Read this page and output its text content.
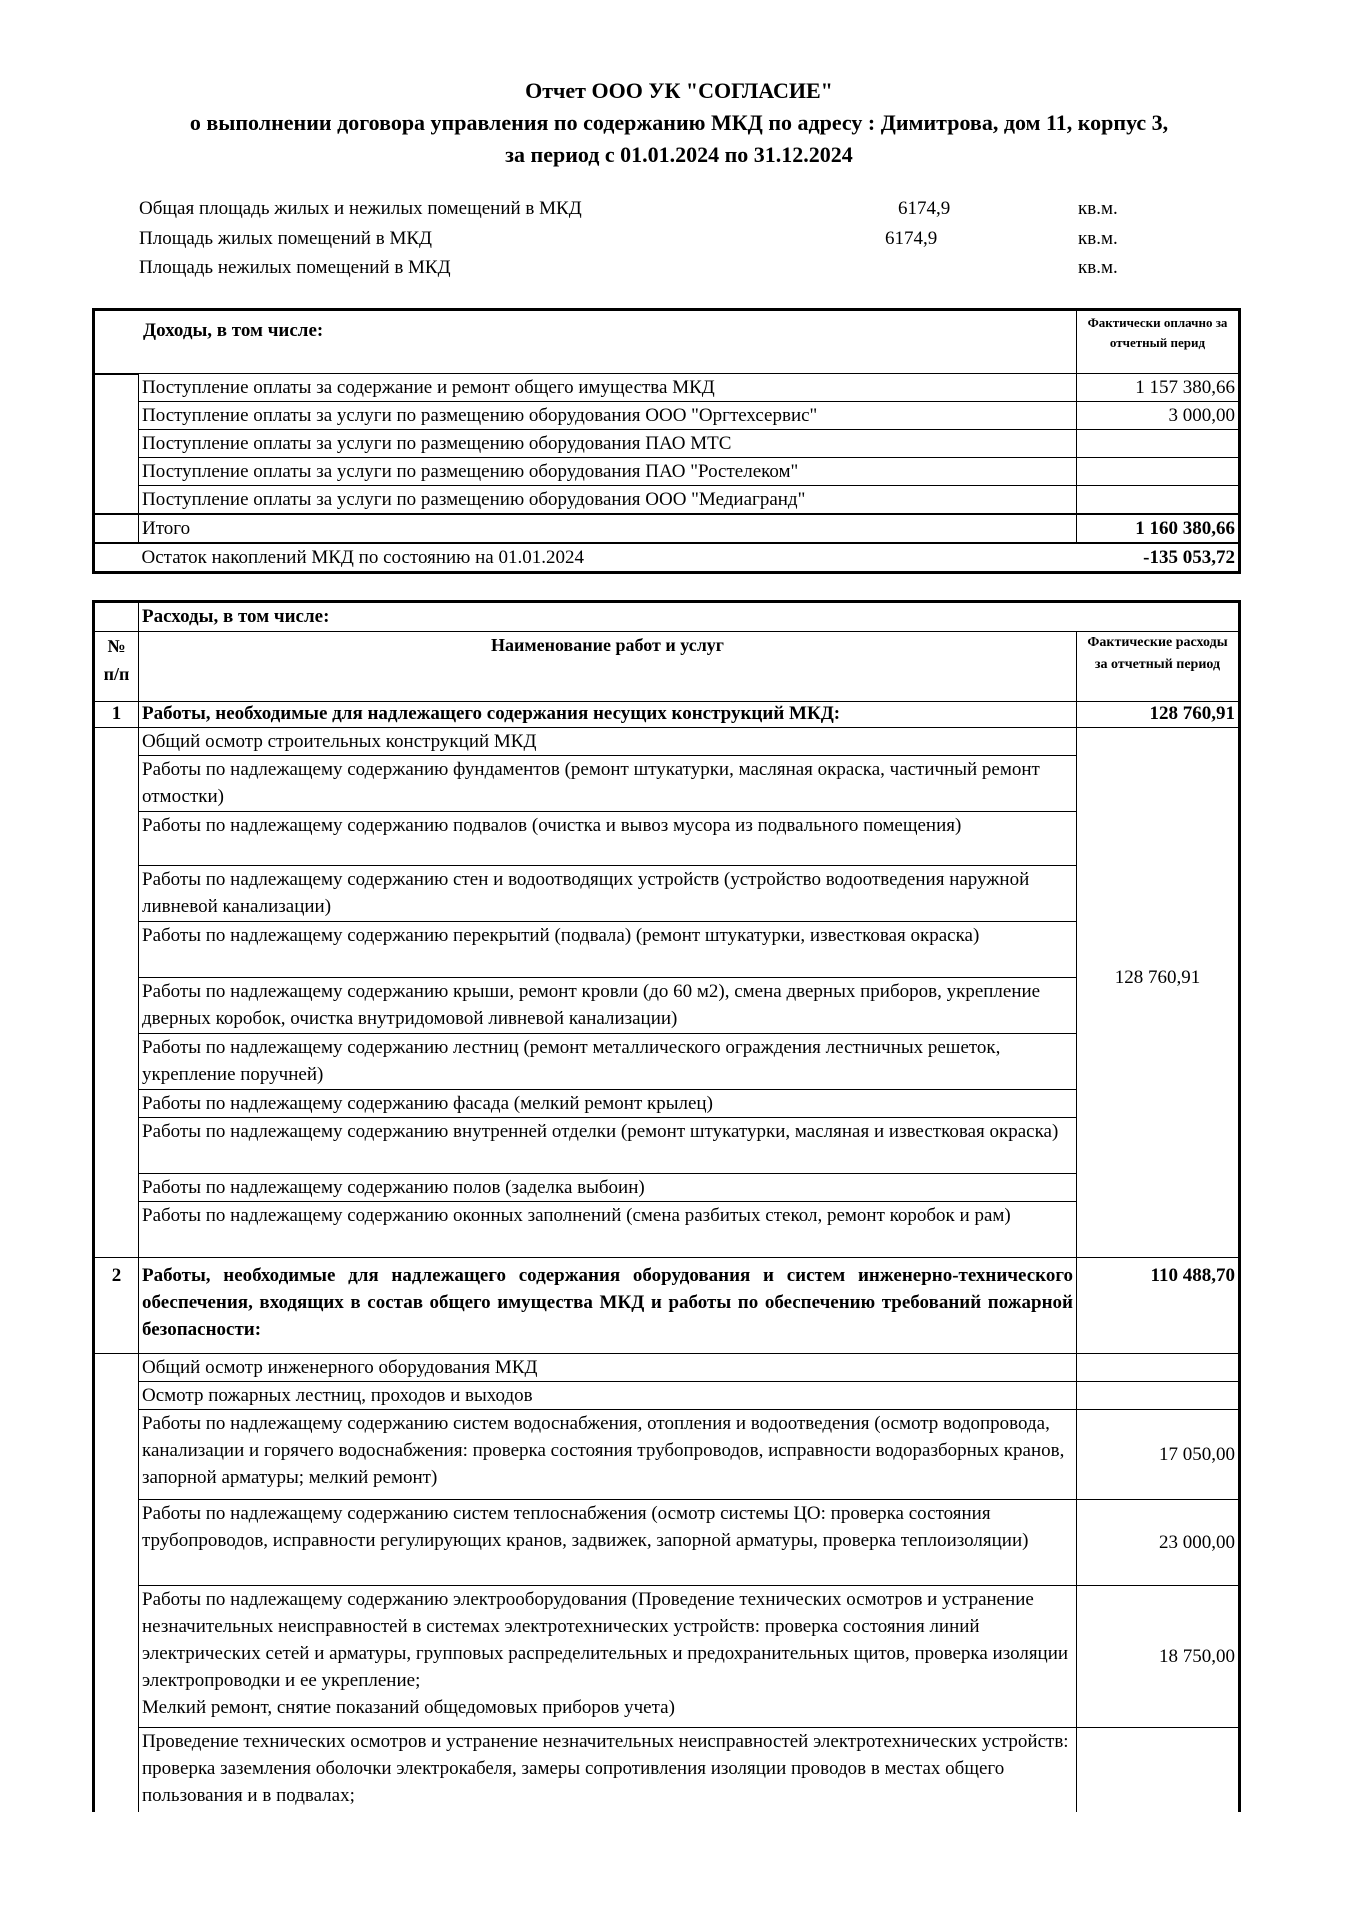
Отчет ООО УК "СОГЛАСИЕ"
о выполнении договора управления по содержанию МКД по адресу : Димитрова, дом 11, корпус 3,
за период с 01.01.2024 по 31.12.2024
Общая площадь жилых и нежилых помещений в МКД	6174,9	кв.м.
Площадь жилых помещений в МКД	6174,9	кв.м.
Площадь нежилых помещений в МКД	кв.м.
Доходы, в том числе:		Фактически оплачно за отчетный перид
	Поступление оплаты за содержание и ремонт общего имущества МКД	1 157 380,66
	Поступление оплаты за услуги по размещению оборудования ООО "Оргтехсервис"	3 000,00
	Поступление оплаты за услуги по размещению оборудования ПАО МТС	
	Поступление оплаты за услуги по размещению оборудования ПАО "Ростелеком"	
	Поступление оплаты за услуги по размещению оборудования ООО "Медиагранд"	
	Итого	1 160 380,66
	Остаток накоплений МКД по состоянию на 01.01.2024	-135 053,72
	Расходы, в том числе:	
№ п/п	Наименование работ и услуг	Фактические расходы за отчетный период
1	Работы, необходимые для надлежащего содержания несущих конструкций МКД:	128 760,91
	Общий осмотр строительных конструкций МКД	128 760,91
	Работы по надлежащему содержанию фундаментов (ремонт штукатурки, масляная окраска, частичный ремонт отмостки)	
	Работы по надлежащему содержанию подвалов (очистка и вывоз мусора из подвального помещения)	
	Работы по надлежащему содержанию стен и водоотводящих устройств (устройство водоотведения наружной ливневой канализации)	
	Работы по надлежащему содержанию перекрытий (подвала) (ремонт штукатурки, известковая окраска)	
	Работы по надлежащему содержанию крыши, ремонт кровли (до 60 м2), смена дверных приборов, укрепление дверных коробок, очистка внутридомовой ливневой канализации)	
	Работы по надлежащему содержанию лестниц (ремонт металлического ограждения лестничных решеток, укрепление поручней)	
	Работы по надлежащему содержанию фасада (мелкий ремонт крылец)	
	Работы по надлежащему содержанию внутренней отделки (ремонт штукатурки, масляная и известковая окраска)	
	Работы по надлежащему содержанию полов (заделка выбоин)	
	Работы по надлежащему содержанию оконных заполнений (смена разбитых стекол, ремонт коробок и рам)	
2	Работы, необходимые для надлежащего содержания оборудования и систем инженерно-технического обеспечения, входящих в состав общего имущества МКД и работы по обеспечению требований пожарной безопасности:	110 488,70
	Общий осмотр инженерного оборудования МКД	
	Осмотр пожарных лестниц, проходов и выходов	
	Работы по надлежащему содержанию систем водоснабжения, отопления и водоотведения (осмотр водопровода, канализации и горячего водоснабжения: проверка состояния трубопроводов, исправности водоразборных кранов, запорной арматуры; мелкий ремонт)	17 050,00
	Работы по надлежащему содержанию систем теплоснабжения (осмотр системы ЦО: проверка состояния трубопроводов, исправности регулирующих кранов, задвижек, запорной арматуры, проверка теплоизоляции)	23 000,00
	Работы по надлежащему содержанию электрооборудования (Проведение технических осмотров и устранение незначительных неисправностей в системах электротехнических устройств: проверка состояния линий электрических сетей и арматуры, групповых распределительных и предохранительных щитов, проверка изоляции электропроводки и ее укрепление;
Мелкий ремонт, снятие показаний общедомовых приборов учета)	18 750,00
	Проведение технических осмотров и устранение незначительных неисправностей электротехнических устройств: проверка заземления оболочки электрокабеля, замеры сопротивления изоляции проводов в местах общего пользования и в подвалах;	
